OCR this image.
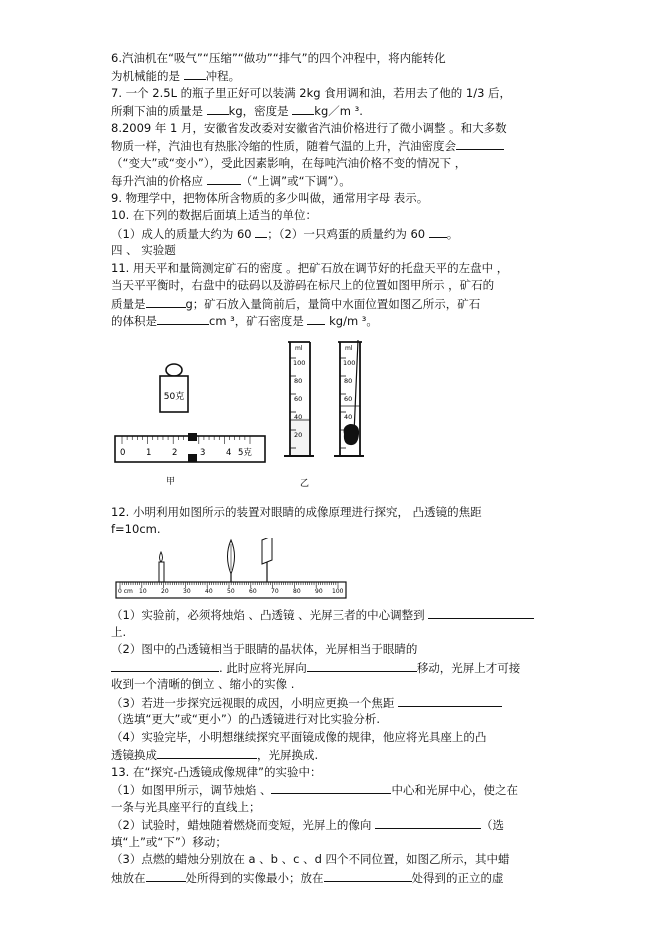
6.汽油机在“吸气”“压缩”“做功”“排气”的四个冲程中，将内能转化
为机械能的是 冲程。
7. 一个 2.5L 的瓶子里正好可以装满 2kg 食用调和油，若用去了他的 1/3 后，
所剩下油的质量是 kg，密度是 kg／m ³.
8.2009 年 1 月，安徽省发改委对安徽省汽油价格进行了微小调整 。和大多数
物质一样，汽油也有热胀冷缩的性质，随着气温的上升，汽油密度会
（“变大”或“变小”），受此因素影响，在每吨汽油价格不变的情况下 ，
每升汽油的价格应	（“上调”或“下调”）。
9. 物理学中，把物体所含物质的多少叫做，通常用字母 表示。
10. 在下列的数据后面填上适当的单位：
（1）成人的质量大约为 60 ；（2）一只鸡蛋的质量约为 60 。
四 、 实验题
11. 用天平和量筒测定矿石的密度 。把矿石放在调节好的托盘天平的左盘中 ，
当天平平衡时，右盘中的砝码以及游码在标尺上的位置如图甲所示 ，矿石的
质量是	g；矿石放入量筒前后，量筒中水面位置如图乙所示，矿石
的体积是	cm ³，矿石密度是 kg/m ³。
50克
0 1 2	3 4 5克
甲
ml
100
80
60
40
20
ml
100
80
60
40
乙
12. 小明利用如图所示的装置对眼睛的成像原理进行探究， 凸透镜的焦距
f=10cm.
0 cm 10 20 30 40 50 60 70 80 90 100
（1）实验前，必须将烛焰 、凸透镜 、光屏三者的中心调整到
上.
（2）图中的凸透镜相当于眼睛的晶状体，光屏相当于眼睛的
. 此时应将光屏向	移动，光屏上才可接
收到一个清晰的倒立 、缩小的实像 .
（3）若进一步探究远视眼的成因，小明应更换一个焦距
（选填“更大”或“更小”）的凸透镜进行对比实验分析.
（4）实验完毕，小明想继续探究平面镜成像的规律，他应将光具座上的凸
透镜换成	，光屏换成.
13. 在“探究-凸透镜成像规律”的实验中：
（1）如图甲所示，调节烛焰 、	中心和光屏中心，使之在
一条与光具座平行的直线上；
（2）试验时，蜡烛随着燃烧而变短，光屏上的像向	（选
填“上”或“下”）移动；
（3）点燃的蜡烛分别放在 a 、b 、c 、d 四个不同位置，如图乙所示，其中蜡
烛放在	处所得到的实像最小；放在	处得到的正立的虚
